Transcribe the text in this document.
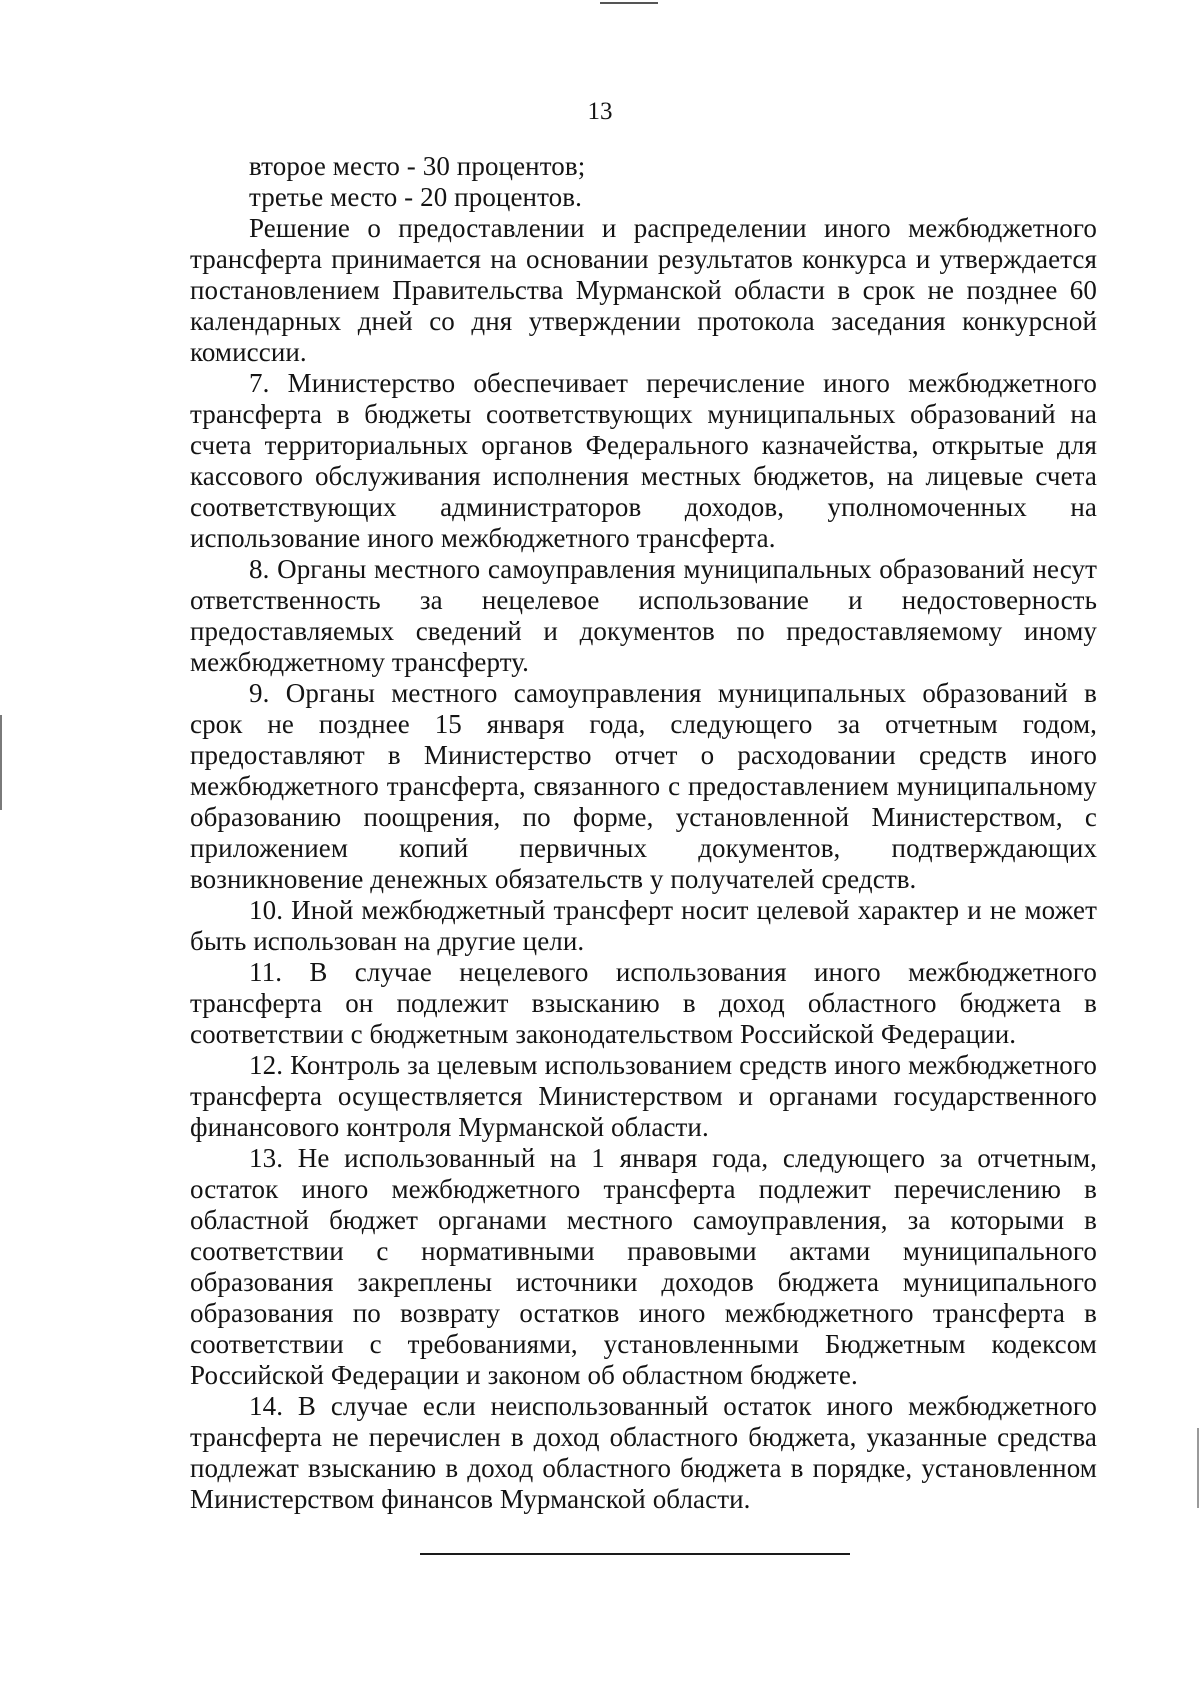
13

второе место - 30 процентов;

третье место - 20 процентов.

Решение о предоставлении и распределении иного межбюджетного трансферта принимается на основании результатов конкурса и утверждается постановлением Правительства Мурманской области в срок не позднее 60 календарных дней со дня утверждении протокола заседания конкурсной комиссии.

7. Министерство обеспечивает перечисление иного межбюджетного трансферта в бюджеты соответствующих муниципальных образований на счета территориальных органов Федерального казначейства, открытые для кассового обслуживания исполнения местных бюджетов, на лицевые счета соответствующих администраторов доходов, уполномоченных на использование иного межбюджетного трансферта.

8. Органы местного самоуправления муниципальных образований несут ответственность за нецелевое использование и недостоверность предоставляемых сведений и документов по предоставляемому иному межбюджетному трансферту.

9. Органы местного самоуправления муниципальных образований в срок не позднее 15 января года, следующего за отчетным годом, предоставляют в Министерство отчет о расходовании средств иного межбюджетного трансферта, связанного с предоставлением муниципальному образованию поощрения, по форме, установленной Министерством, с приложением копий первичных документов, подтверждающих возникновение денежных обязательств у получателей средств.

10. Иной межбюджетный трансферт носит целевой характер и не может быть использован на другие цели.

11. В случае нецелевого использования иного межбюджетного трансферта он подлежит взысканию в доход областного бюджета в соответствии с бюджетным законодательством Российской Федерации.

12. Контроль за целевым использованием средств иного межбюджетного трансферта осуществляется Министерством и органами государственного финансового контроля Мурманской области.

13. Не использованный на 1 января года, следующего за отчетным, остаток иного межбюджетного трансферта подлежит перечислению в областной бюджет органами местного самоуправления, за которыми в соответствии с нормативными правовыми актами муниципального образования закреплены источники доходов бюджета муниципального образования по возврату остатков иного межбюджетного трансферта в соответствии с требованиями, установленными Бюджетным кодексом Российской Федерации и законом об областном бюджете.

14. В случае если неиспользованный остаток иного межбюджетного трансферта не перечислен в доход областного бюджета, указанные средства подлежат взысканию в доход областного бюджета в порядке, установленном Министерством финансов Мурманской области.
